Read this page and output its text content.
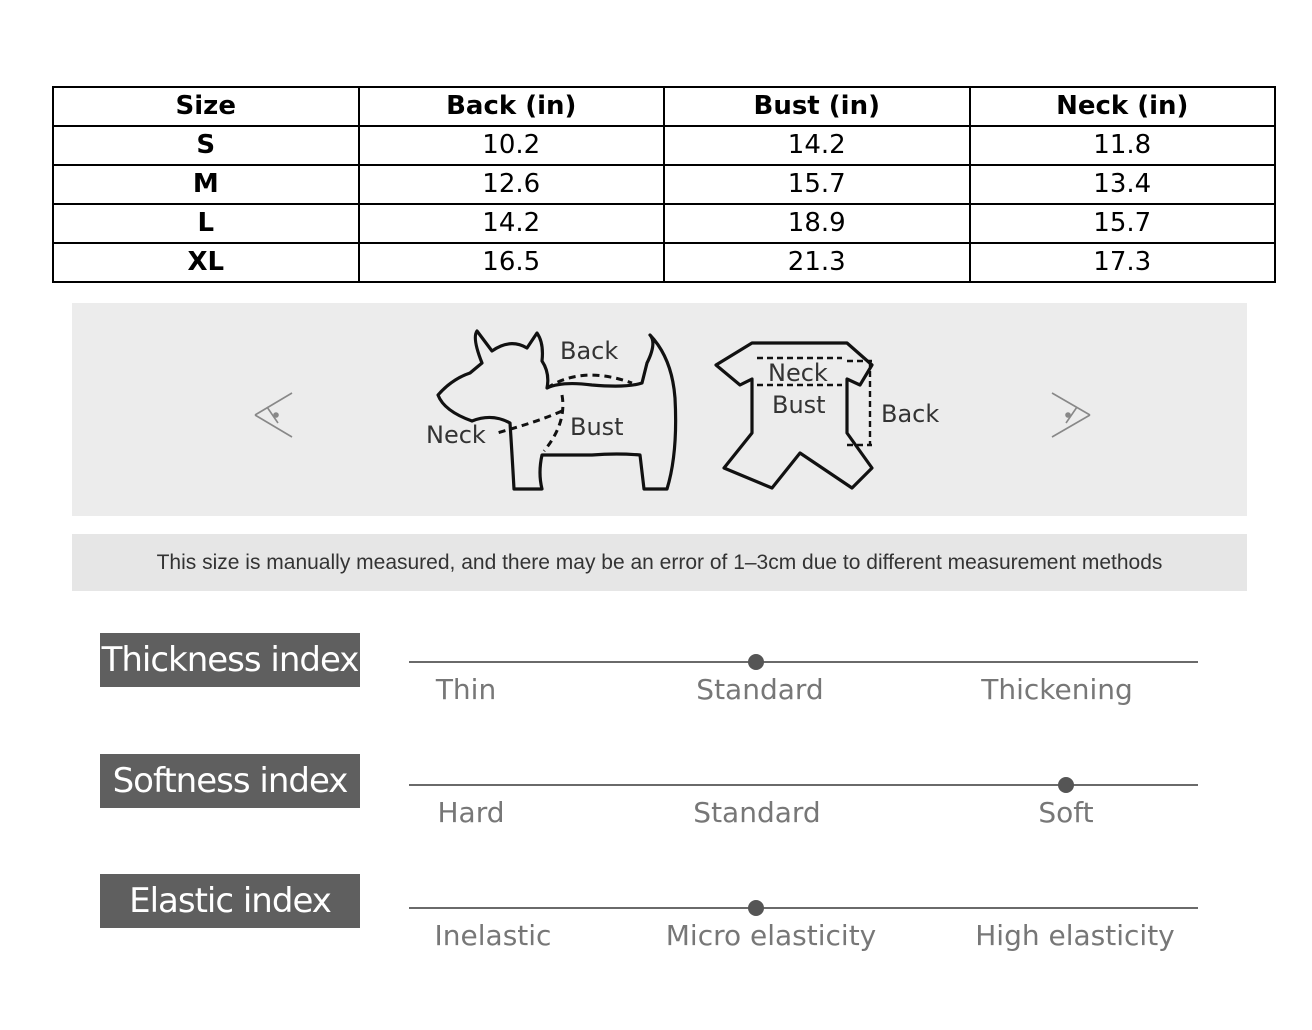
Size	Back (in)	Bust (in)	Neck (in)
S	10.2	14.2	11.8
M	12.6	15.7	13.4
L	14.2	18.9	15.7
XL	16.5	21.3	17.3
Back
Bust
Neck
Neck
Bust Back
This size is manually measured, and there may be an error of 1–3cm due to different measurement methods
Thickness index
Thin	Standard	Thickening
Softness index
Hard	Standard	Soft
Elastic index
Inelastic	Micro elasticity	High elasticity
